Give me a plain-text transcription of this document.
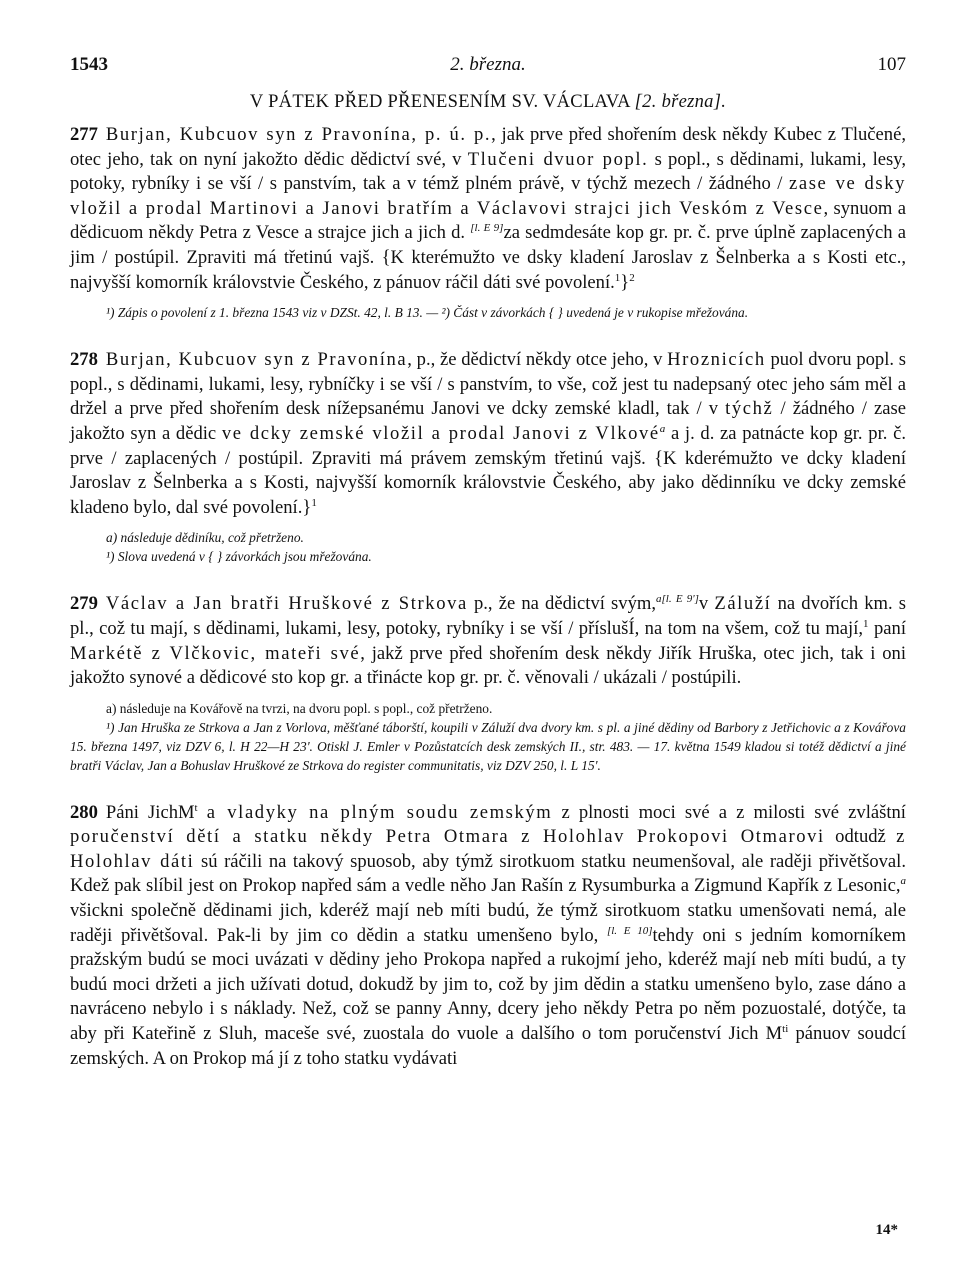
1543	2. března.	107
V PÁTEK PŘED PŘENESENÍM SV. VÁCLAVA [2. března].

277 Burjan, Kubcuov syn z Pravonína, p. ú. p., jak prve před shořením desk někdy Kubec z Tlučené, otec jeho, tak on nyní jakožto dědic dědictví své, v Tlučeni dvuor popl. s popl., s dědinami, lukami, lesy, potoky, rybníky i se vší / s panstvím, tak a v témž plném právě, v týchž mezech / žádného / zase ve dsky vložil a prodal Martinovi a Janovi bratřím a Václavovi strajci jich Veskóm z Vesce, synuom a dědicuom někdy Petra z Vesce a strajce jich a jich d. [l. E 9]za sedmdesáte kop gr. pr. č. prve úplně zaplacených a jim / postúpil. Zpraviti má třetinú vajš. {K kterémužto ve dsky kladení Jaroslav z Šelnberka a s Kosti etc., najvyšší komorník královstvie Českého, z pánuov ráčil dáti své povolení.$^1$}$^2$

¹) Zápis o povolení z 1. března 1543 viz v DZSt. 42, l. B 13. — ²) Část v závorkách { } uvedená je v rukopise mřežována.

278 Burjan, Kubcuov syn z Pravonína, p., že dědictví někdy otce jeho, v Hroznicích puol dvoru popl. s popl., s dědinami, lukami, lesy, rybníčky i se vší / s panstvím, to vše, což jest tu nadepsaný otec jeho sám měl a držel a prve před shořením desk nížepsanému Janovi ve dcky zemské kladl, tak / v týchž / žádného / zase jakožto syn a dědic ve dcky zemské vložil a prodal Janovi z Vlkové$^a$ a j. d. za patnácte kop gr. pr. č. prve / zaplacených / postúpil. Zpraviti má právem zemským třetinú vajš. {K kderémužto ve dcky kladení Jaroslav z Šelnberka a s Kosti, najvyšší komorník královstvie Českého, aby jako dědinníku ve dcky zemské kladeno bylo, dal své povolení.}$^1$

a) následuje dědiníku, což přetrženo.

¹) Slova uvedená v { } závorkách jsou mřežována.

279 Václav a Jan bratři Hruškové z Strkova p., že na dědictví svým,$^{a[l. E 9']}$v Záluží na dvořích km. s pl., což tu mají, s dědinami, lukami, lesy, potoky, rybníky i se vší / příslušÍ, na tom na všem, což tu mají,$^1$ paní Markétě z Vlčkovic, mateři své, jakž prve před shořením desk někdy Jiřík Hruška, otec jich, tak i oni jakožto synové a dědicové sto kop gr. a třinácte kop gr. pr. č. věnovali / ukázali / postúpili.

a) následuje na Kovářově na tvrzi, na dvoru popl. s popl., což přetrženo.

¹) Jan Hruška ze Strkova a Jan z Vorlova, měšťané táborští, koupili v Záluží dva dvory km. s pl. a jiné dědiny od Barbory z Jetřichovic a z Kovářova 15. března 1497, viz DZV 6, l. H 22—H 23'. Otiskl J. Emler v Pozůstatcích desk zemských II., str. 483. — 17. května 1549 kladou si totéž dědictví a jiné bratři Václav, Jan a Bohuslav Hruškové ze Strkova do register communitatis, viz DZV 250, l. L 15'.

280 Páni JichM$^t$ a vladyky na plným soudu zemským z plnosti moci své a z milosti své zvláštní poručenství dětí a statku někdy Petra Otmara z Holohlav Prokopovi Otmarovi odtudž z Holohlav dáti sú ráčili na takový spuosob, aby týmž sirotkuom statku neumenšoval, ale raději přivětšoval. Kdež pak slíbil jest on Prokop napřed sám a vedle něho Jan Rašín z Rysumburka a Zigmund Kapřík z Lesonic,$^a$ všickni společně dědinami jich, kderéž mají neb míti budú, že týmž sirotkuom statku umenšovati nemá, ale raději přivětšoval. Pak-li by jim co dědin a statku umenšeno bylo, [l. E 10]tehdy oni s jedním komorníkem pražským budú se moci uvázati v dědiny jeho Prokopa napřed a rukojmí jeho, kderéž mají neb míti budú, a ty budú moci držeti a jich užívati dotud, dokudž by jim to, což by jim dědin a statku umenšeno bylo, zase dáno a navráceno nebylo i s náklady. Než, což se panny Anny, dcery jeho někdy Petra po něm pozuostalé, dotýče, ta aby při Kateřině z Sluh, maceše své, zuostala do vuole a dalšího o tom poručenství Jich $M^{ti}$ pánuov soudcí zemských. A on Prokop má jí z toho statku vydávati

14*
